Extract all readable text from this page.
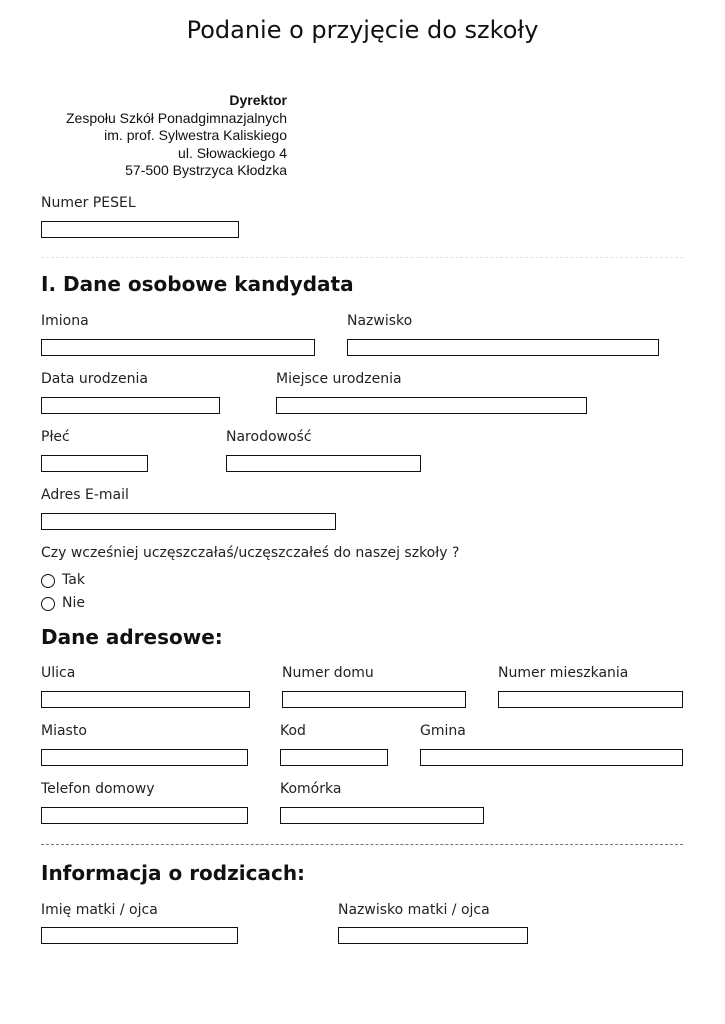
Podanie o przyjęcie do szkoły
Dyrektor
Zespołu Szkół Ponadgimnazjalnych
im. prof. Sylwestra Kaliskiego
ul. Słowackiego 4
57-500 Bystrzyca Kłodzka
Numer PESEL
I. Dane osobowe kandydata
Imiona	Nazwisko
Data urodzenia	Miejsce urodzenia
Płeć	Narodowość
Adres E-mail
Czy wcześniej uczęszczałaś/uczęszczałeś do naszej szkoły ?
Tak
Nie
Dane adresowe:
Ulica	Numer domu	Numer mieszkania
Miasto	Kod	Gmina
Telefon domowy	Komórka
Informacja o rodzicach:
Imię matki / ojca	Nazwisko matki / ojca
